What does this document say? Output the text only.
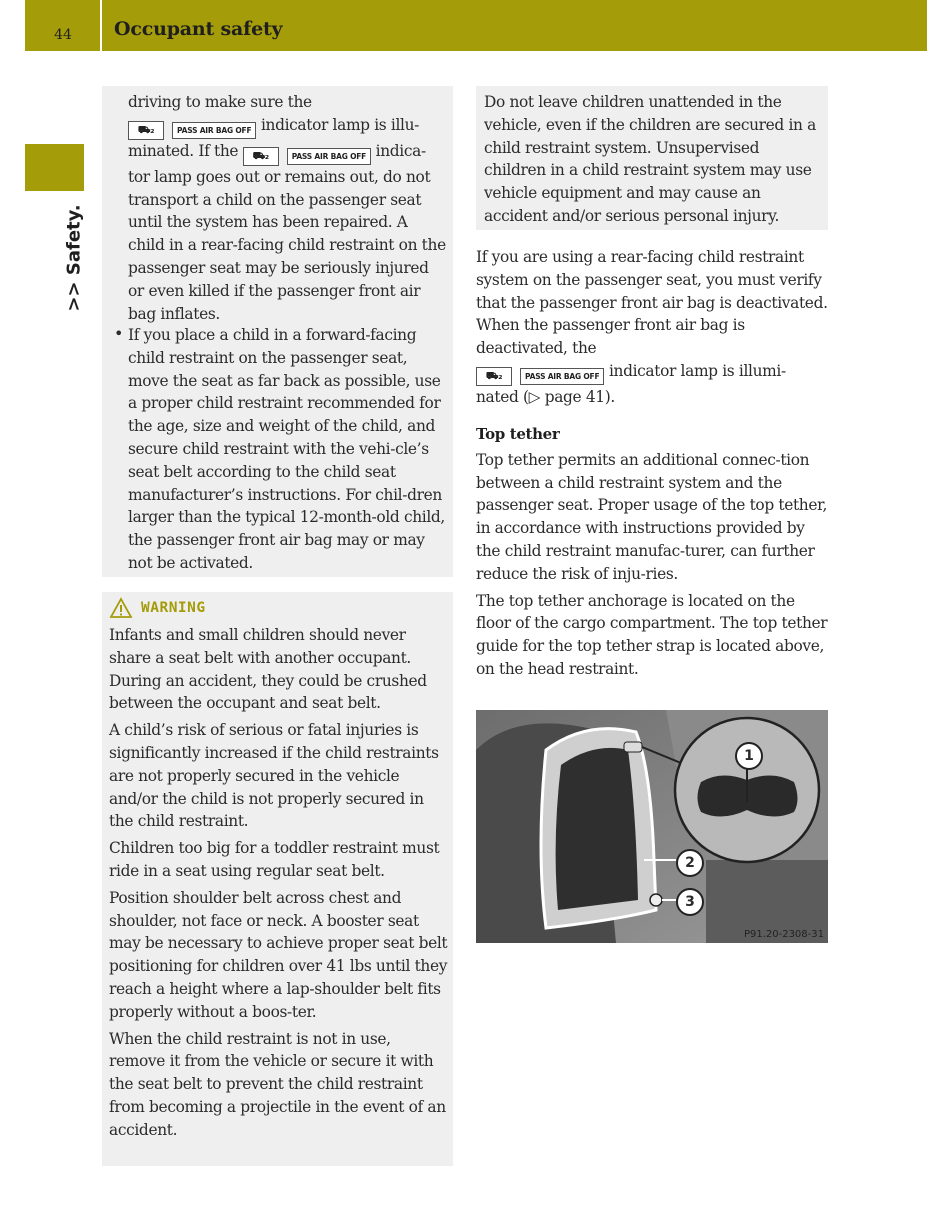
44	Occupant safety
>> Safety.
driving to make sure the
⛟₂	PASS AIR BAG OFF indicator lamp is illu-
minated. If the	⛟₂	PASS AIR BAG OFF indica-
tor lamp goes out or remains out, do not transport a child on the passenger seat until the system has been repaired. A child in a rear-facing child restraint on the passenger seat may be seriously injured or even killed if the passenger front air bag inflates.
• If you place a child in a forward-facing child restraint on the passenger seat, move the seat as far back as possible, use a proper child restraint recommended for the age, size and weight of the child, and secure child restraint with the vehi-cle’s seat belt according to the child seat manufacturer’s instructions. For chil-dren larger than the typical 12-month-old child, the passenger front air bag may or may not be activated.
WARNING
Infants and small children should never share a seat belt with another occupant. During an accident, they could be crushed between the occupant and seat belt.
A child’s risk of serious or fatal injuries is significantly increased if the child restraints are not properly secured in the vehicle and/or the child is not properly secured in the child restraint.
Children too big for a toddler restraint must ride in a seat using regular seat belt.
Position shoulder belt across chest and shoulder, not face or neck. A booster seat may be necessary to achieve proper seat belt positioning for children over 41 lbs until they reach a height where a lap-shoulder belt fits properly without a boos-ter.
When the child restraint is not in use, remove it from the vehicle or secure it with the seat belt to prevent the child restraint from becoming a projectile in the event of an accident.
Do not leave children unattended in the vehicle, even if the children are secured in a child restraint system. Unsupervised children in a child restraint system may use vehicle equipment and may cause an accident and/or serious personal injury.
If you are using a rear-facing child restraint system on the passenger seat, you must verify that the passenger front air bag is deactivated. When the passenger front air bag is deactivated, the
⛟₂	PASS AIR BAG OFF indicator lamp is illumi-
nated (▷ page 41).
Top tether
Top tether permits an additional connec-tion between a child restraint system and the passenger seat. Proper usage of the top tether, in accordance with instructions provided by the child restraint manufac-turer, can further reduce the risk of inju-ries.
The top tether anchorage is located on the floor of the cargo compartment. The top tether guide for the top tether strap is located above, on the head restraint.
1
2
3
P91.20-2308-31
